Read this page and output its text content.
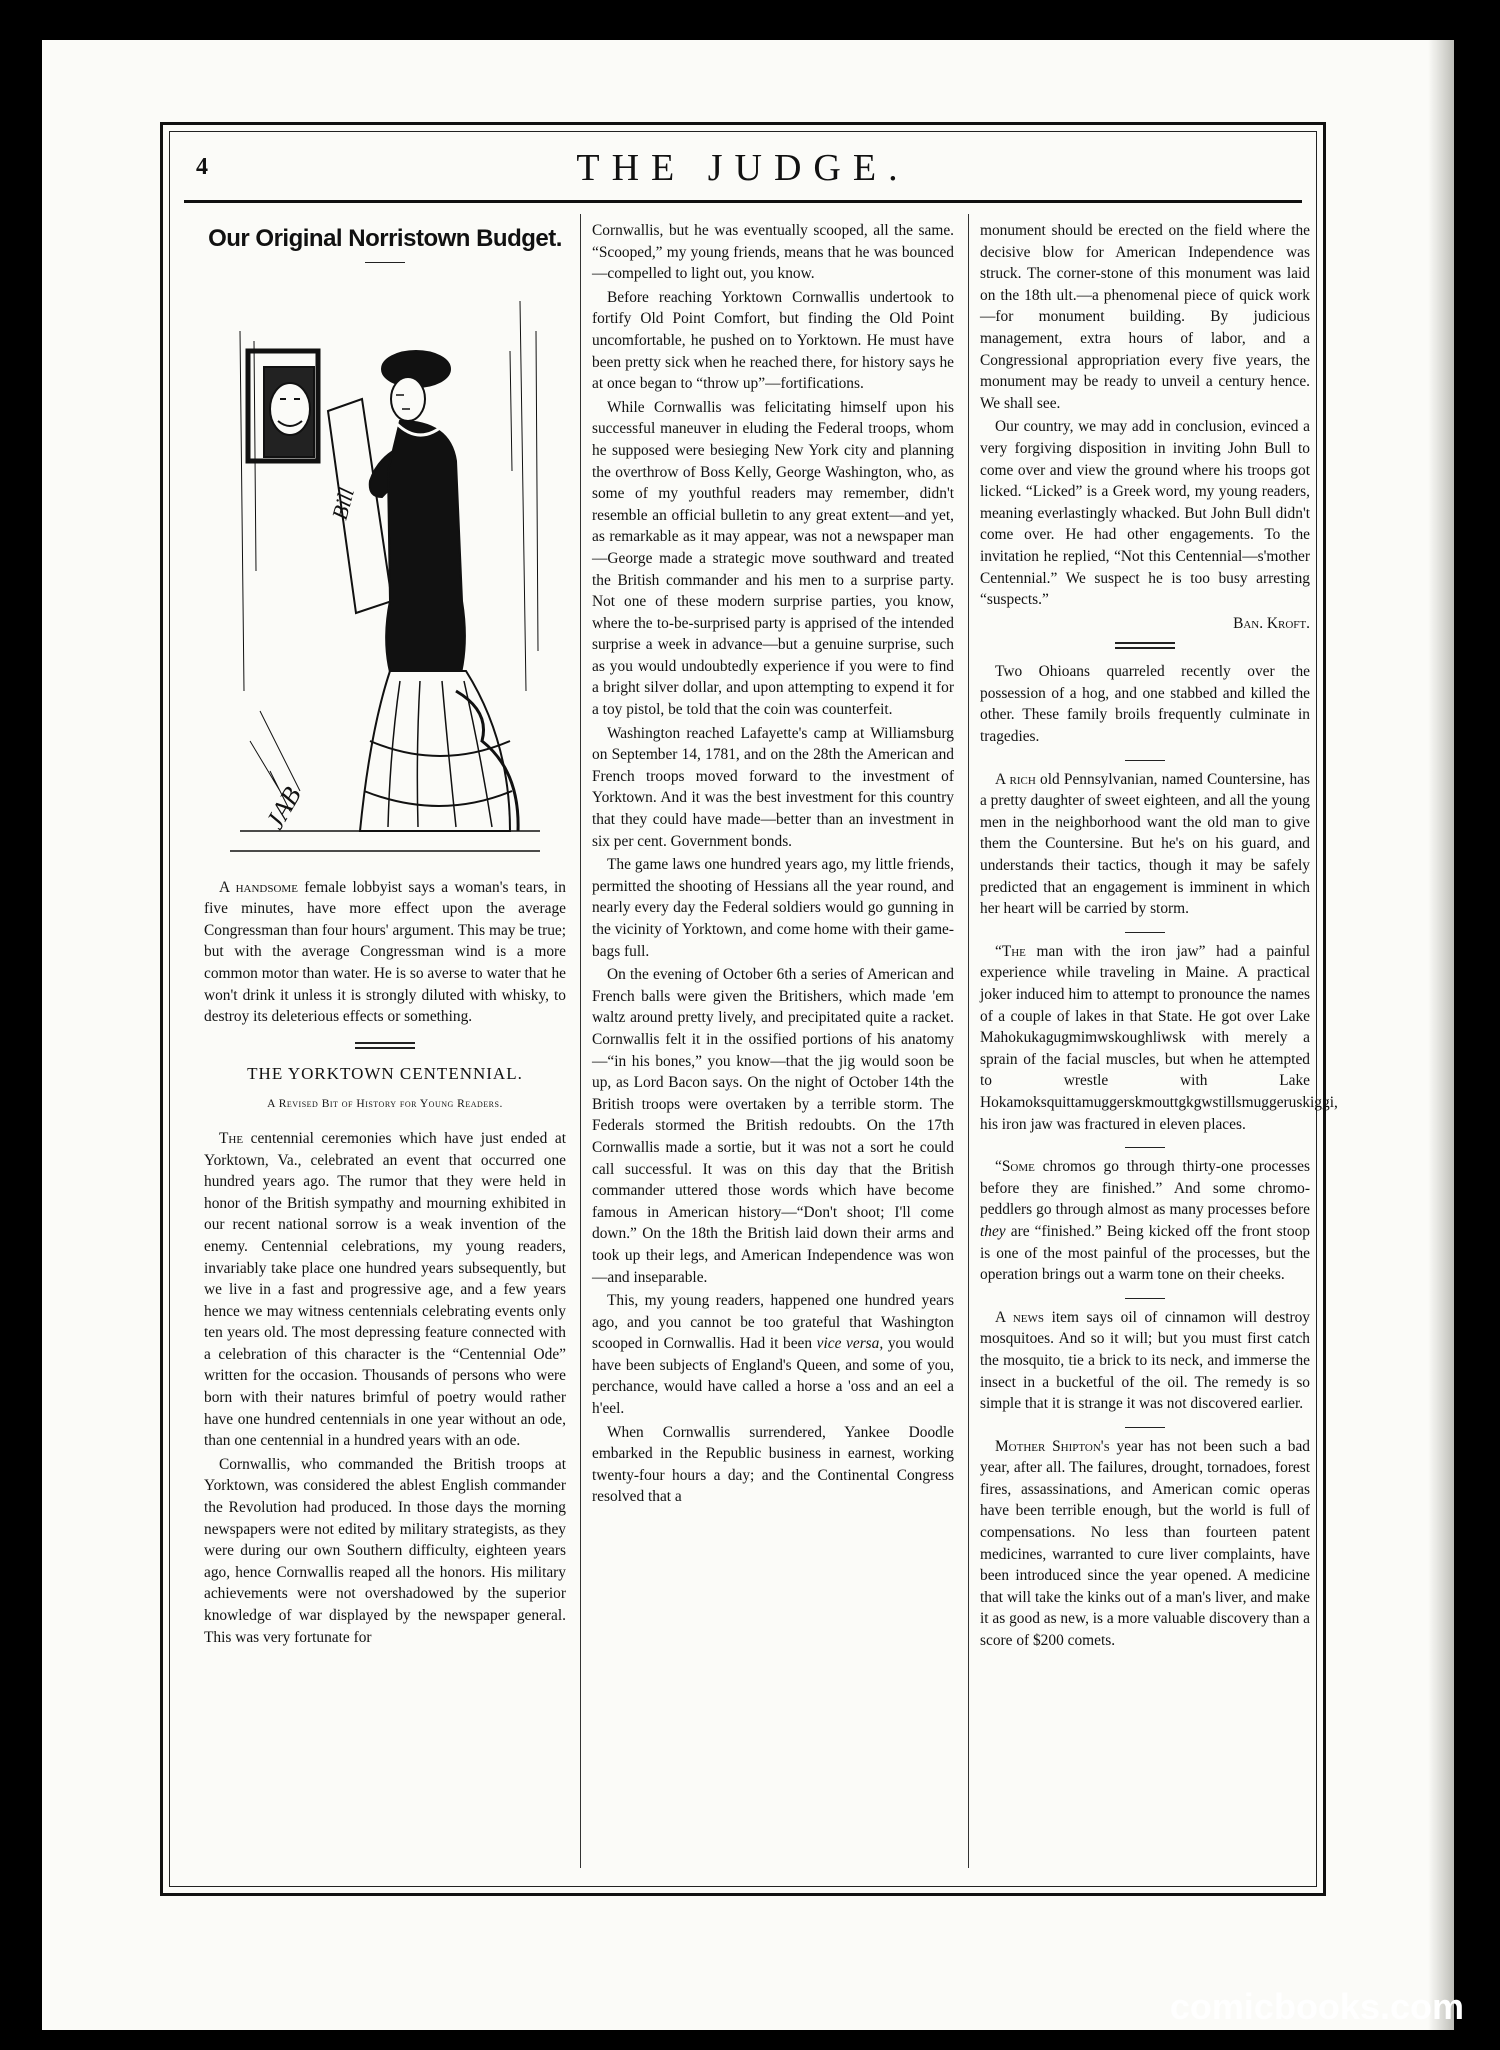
4	THE JUDGE.
Our Original Norristown Budget.
Bill
JAB

A handsome female lobbyist says a woman's tears, in five minutes, have more effect upon the average Congressman than four hours' argument. This may be true; but with the average Congressman wind is a more common motor than water. He is so averse to water that he won't drink it unless it is strongly diluted with whisky, to destroy its deleterious effects or something.

THE YORKTOWN CENTENNIAL.
A Revised Bit of History for Young Readers.

The centennial ceremonies which have just ended at Yorktown, Va., celebrated an event that occurred one hundred years ago. The rumor that they were held in honor of the British sympathy and mourning exhibited in our recent national sorrow is a weak invention of the enemy. Centennial celebrations, my young readers, invariably take place one hundred years subsequently, but we live in a fast and progressive age, and a few years hence we may witness centennials celebrating events only ten years old. The most depressing feature connected with a celebration of this character is the “Centennial Ode” written for the occasion. Thousands of persons who were born with their natures brimful of poetry would rather have one hundred centennials in one year without an ode, than one centennial in a hundred years with an ode.

Cornwallis, who commanded the British troops at Yorktown, was considered the ablest English commander the Revolution had produced. In those days the morning newspapers were not edited by military strategists, as they were during our own Southern difficulty, eighteen years ago, hence Cornwallis reaped all the honors. His military achievements were not overshadowed by the superior knowledge of war displayed by the newspaper general. This was very fortunate for

Cornwallis, but he was eventually scooped, all the same. “Scooped,” my young friends, means that he was bounced—compelled to light out, you know.

Before reaching Yorktown Cornwallis undertook to fortify Old Point Comfort, but finding the Old Point uncomfortable, he pushed on to Yorktown. He must have been pretty sick when he reached there, for history says he at once began to “throw up”—fortifications.

While Cornwallis was felicitating himself upon his successful maneuver in eluding the Federal troops, whom he supposed were besieging New York city and planning the overthrow of Boss Kelly, George Washington, who, as some of my youthful readers may remember, didn't resemble an official bulletin to any great extent—and yet, as remarkable as it may appear, was not a newspaper man—George made a strategic move southward and treated the British commander and his men to a surprise party. Not one of these modern surprise parties, you know, where the to-be-surprised party is apprised of the intended surprise a week in advance—but a genuine surprise, such as you would undoubtedly experience if you were to find a bright silver dollar, and upon attempting to expend it for a toy pistol, be told that the coin was counterfeit.

Washington reached Lafayette's camp at Williamsburg on September 14, 1781, and on the 28th the American and French troops moved forward to the investment of Yorktown. And it was the best investment for this country that they could have made—better than an investment in six per cent. Government bonds.

The game laws one hundred years ago, my little friends, permitted the shooting of Hessians all the year round, and nearly every day the Federal soldiers would go gunning in the vicinity of Yorktown, and come home with their game-bags full.

On the evening of October 6th a series of American and French balls were given the Britishers, which made 'em waltz around pretty lively, and precipitated quite a racket. Cornwallis felt it in the ossified portions of his anatomy—“in his bones,” you know—that the jig would soon be up, as Lord Bacon says. On the night of October 14th the British troops were overtaken by a terrible storm. The Federals stormed the British redoubts. On the 17th Cornwallis made a sortie, but it was not a sort he could call successful. It was on this day that the British commander uttered those words which have become famous in American history—“Don't shoot; I'll come down.” On the 18th the British laid down their arms and took up their legs, and American Independence was won—and inseparable.

This, my young readers, happened one hundred years ago, and you cannot be too grateful that Washington scooped in Cornwallis. Had it been vice versa, you would have been subjects of England's Queen, and some of you, perchance, would have called a horse a 'oss and an eel a h'eel.

When Cornwallis surrendered, Yankee Doodle embarked in the Republic business in earnest, working twenty-four hours a day; and the Continental Congress resolved that a

monument should be erected on the field where the decisive blow for American Independence was struck. The corner-stone of this monument was laid on the 18th ult.—a phenomenal piece of quick work—for monument building. By judicious management, extra hours of labor, and a Congressional appropriation every five years, the monument may be ready to unveil a century hence. We shall see.

Our country, we may add in conclusion, evinced a very forgiving disposition in inviting John Bull to come over and view the ground where his troops got licked. “Licked” is a Greek word, my young readers, meaning everlastingly whacked. But John Bull didn't come over. He had other engagements. To the invitation he replied, “Not this Centennial—s'mother Centennial.” We suspect he is too busy arresting “suspects.”

Ban. Kroft.

Two Ohioans quarreled recently over the possession of a hog, and one stabbed and killed the other. These family broils frequently culminate in tragedies.

A rich old Pennsylvanian, named Countersine, has a pretty daughter of sweet eighteen, and all the young men in the neighborhood want the old man to give them the Countersine. But he's on his guard, and understands their tactics, though it may be safely predicted that an engagement is imminent in which her heart will be carried by storm.

“The man with the iron jaw” had a painful experience while traveling in Maine. A practical joker induced him to attempt to pronounce the names of a couple of lakes in that State. He got over Lake Mahokukagugmimwskoughliwsk with merely a sprain of the facial muscles, but when he attempted to wrestle with Lake Hokamoksquittamuggerskmouttgkgwstillsmuggeruskiggi, his iron jaw was fractured in eleven places.

“Some chromos go through thirty-one processes before they are finished.” And some chromo-peddlers go through almost as many processes before they are “finished.” Being kicked off the front stoop is one of the most painful of the processes, but the operation brings out a warm tone on their cheeks.

A news item says oil of cinnamon will destroy mosquitoes. And so it will; but you must first catch the mosquito, tie a brick to its neck, and immerse the insect in a bucketful of the oil. The remedy is so simple that it is strange it was not discovered earlier.

Mother Shipton's year has not been such a bad year, after all. The failures, drought, tornadoes, forest fires, assassinations, and American comic operas have been terrible enough, but the world is full of compensations. No less than fourteen patent medicines, warranted to cure liver complaints, have been introduced since the year opened. A medicine that will take the kinks out of a man's liver, and make it as good as new, is a more valuable discovery than a score of $200 comets.

comicbooks.com
